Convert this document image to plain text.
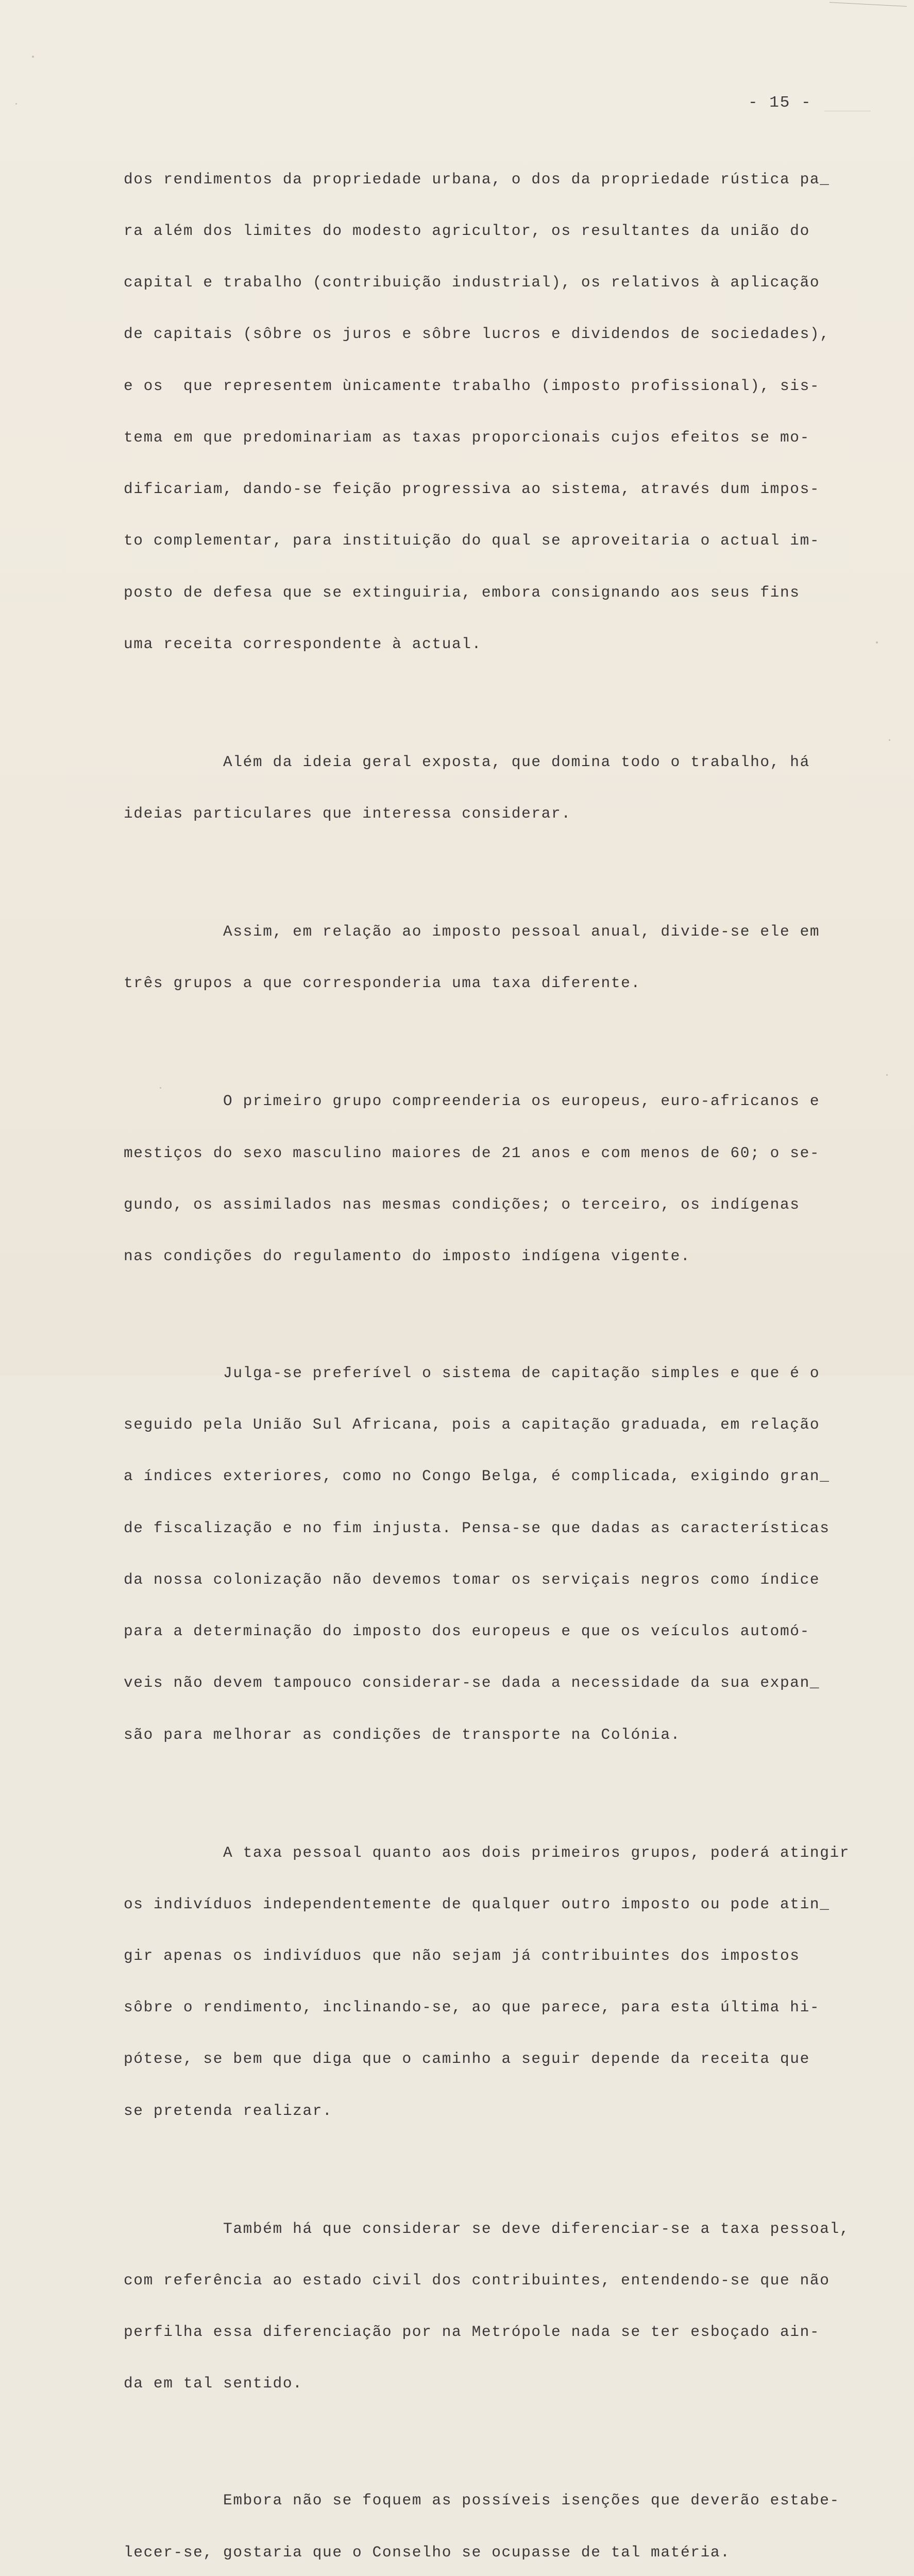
- 15 -

dos rendimentos da propriedade urbana, o dos da propriedade rústica pa_

ra além dos limites do modesto agricultor, os resultantes da união do

capital e trabalho (contribuição industrial), os relativos à aplicação

de capitais (sôbre os juros e sôbre lucros e dividendos de sociedades),

e os  que representem ùnicamente trabalho (imposto profissional), sis-

tema em que predominariam as taxas proporcionais cujos efeitos se mo-

dificariam, dando-se feição progressiva ao sistema, através dum impos-

to complementar, para instituição do qual se aproveitaria o actual im-

posto de defesa que se extinguiria, embora consignando aos seus fins

uma receita correspondente à actual.

Além da ideia geral exposta, que domina todo o trabalho, há

ideias particulares que interessa considerar.

Assim, em relação ao imposto pessoal anual, divide-se ele em

três grupos a que corresponderia uma taxa diferente.

O primeiro grupo compreenderia os europeus, euro-africanos e

mestiços do sexo masculino maiores de 21 anos e com menos de 60; o se-

gundo, os assimilados nas mesmas condições; o terceiro, os indígenas

nas condições do regulamento do imposto indígena vigente.

Julga-se preferível o sistema de capitação simples e que é o

seguido pela União Sul Africana, pois a capitação graduada, em relação

a índices exteriores, como no Congo Belga, é complicada, exigindo gran_

de fiscalização e no fim injusta. Pensa-se que dadas as características

da nossa colonização não devemos tomar os serviçais negros como índice

para a determinação do imposto dos europeus e que os veículos automó-

veis não devem tampouco considerar-se dada a necessidade da sua expan_

são para melhorar as condições de transporte na Colónia.

A taxa pessoal quanto aos dois primeiros grupos, poderá atingir

os indivíduos independentemente de qualquer outro imposto ou pode atin_

gir apenas os indivíduos que não sejam já contribuintes dos impostos

sôbre o rendimento, inclinando-se, ao que parece, para esta última hi-

pótese, se bem que diga que o caminho a seguir depende da receita que

se pretenda realizar.

Também há que considerar se deve diferenciar-se a taxa pessoal,

com referência ao estado civil dos contribuintes, entendendo-se que não

perfilha essa diferenciação por na Metrópole nada se ter esboçado ain-

da em tal sentido.

Embora não se foquem as possíveis isenções que deverão estabe-

lecer-se, gostaria que o Conselho se ocupasse de tal matéria.
